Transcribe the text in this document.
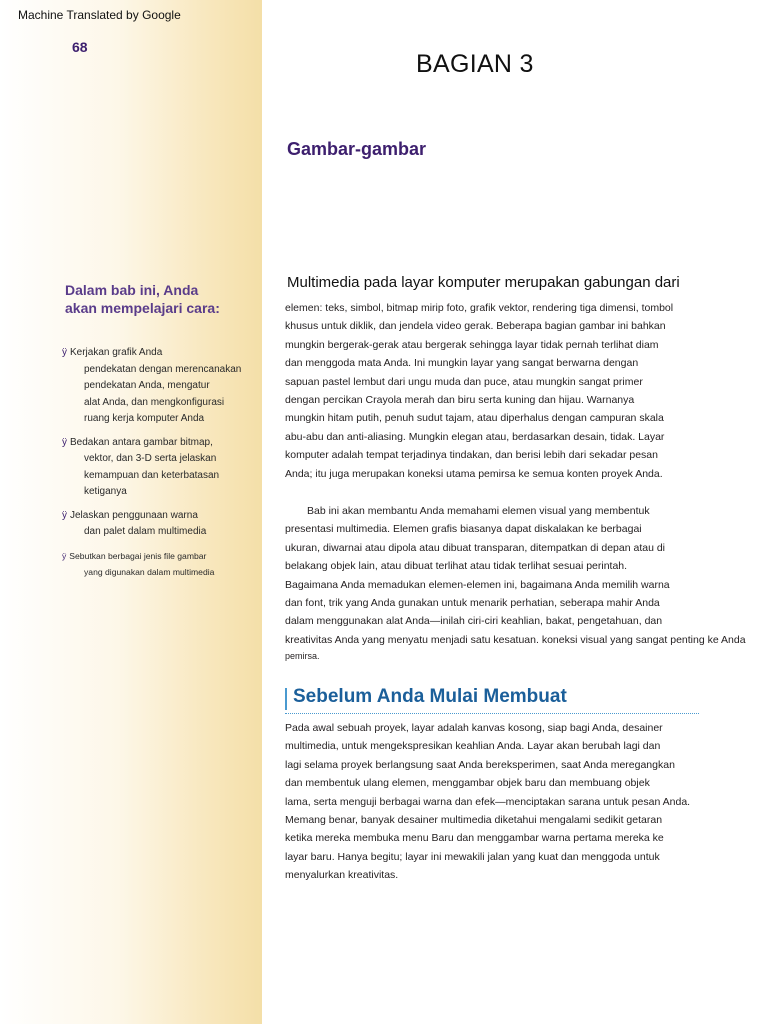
Machine Translated by Google
68
BAGIAN 3
Gambar-gambar
Dalam bab ini, Anda
akan mempelajari cara:
ÿ Kerjakan grafik Anda
pendekatan dengan merencanakan
pendekatan Anda, mengatur
alat Anda, dan mengkonfigurasi
ruang kerja komputer Anda
ÿ Bedakan antara gambar bitmap,
vektor, dan 3-D serta jelaskan
kemampuan dan keterbatasan
ketiganya
ÿ Jelaskan penggunaan warna
dan palet dalam multimedia
ÿ Sebutkan berbagai jenis file gambar
yang digunakan dalam multimedia
Multimedia pada layar komputer merupakan gabungan dari
elemen: teks, simbol, bitmap mirip foto, grafik vektor, rendering tiga dimensi, tombol
khusus untuk diklik, dan jendela video gerak. Beberapa bagian gambar ini bahkan
mungkin bergerak-gerak atau bergerak sehingga layar tidak pernah terlihat diam
dan menggoda mata Anda. Ini mungkin layar yang sangat berwarna dengan
sapuan pastel lembut dari ungu muda dan puce, atau mungkin sangat primer
dengan percikan Crayola merah dan biru serta kuning dan hijau. Warnanya
mungkin hitam putih, penuh sudut tajam, atau diperhalus dengan campuran skala
abu-abu dan anti-aliasing. Mungkin elegan atau, berdasarkan desain, tidak. Layar
komputer adalah tempat terjadinya tindakan, dan berisi lebih dari sekadar pesan
Anda; itu juga merupakan koneksi utama pemirsa ke semua konten proyek Anda.
Bab ini akan membantu Anda memahami elemen visual yang membentuk
presentasi multimedia. Elemen grafis biasanya dapat diskalakan ke berbagai
ukuran, diwarnai atau dipola atau dibuat transparan, ditempatkan di depan atau di
belakang objek lain, atau dibuat terlihat atau tidak terlihat sesuai perintah.
Bagaimana Anda memadukan elemen-elemen ini, bagaimana Anda memilih warna
dan font, trik yang Anda gunakan untuk menarik perhatian, seberapa mahir Anda
dalam menggunakan alat Anda—inilah ciri-ciri keahlian, bakat, pengetahuan, dan
kreativitas Anda yang menyatu menjadi satu kesatuan. koneksi visual yang sangat penting ke Anda
pemirsa.
Sebelum Anda Mulai Membuat
Pada awal sebuah proyek, layar adalah kanvas kosong, siap bagi Anda, desainer
multimedia, untuk mengekspresikan keahlian Anda. Layar akan berubah lagi dan
lagi selama proyek berlangsung saat Anda bereksperimen, saat Anda meregangkan
dan membentuk ulang elemen, menggambar objek baru dan membuang objek
lama, serta menguji berbagai warna dan efek—menciptakan sarana untuk pesan Anda.
Memang benar, banyak desainer multimedia diketahui mengalami sedikit getaran
ketika mereka membuka menu Baru dan menggambar warna pertama mereka ke
layar baru. Hanya begitu; layar ini mewakili jalan yang kuat dan menggoda untuk
menyalurkan kreativitas.
